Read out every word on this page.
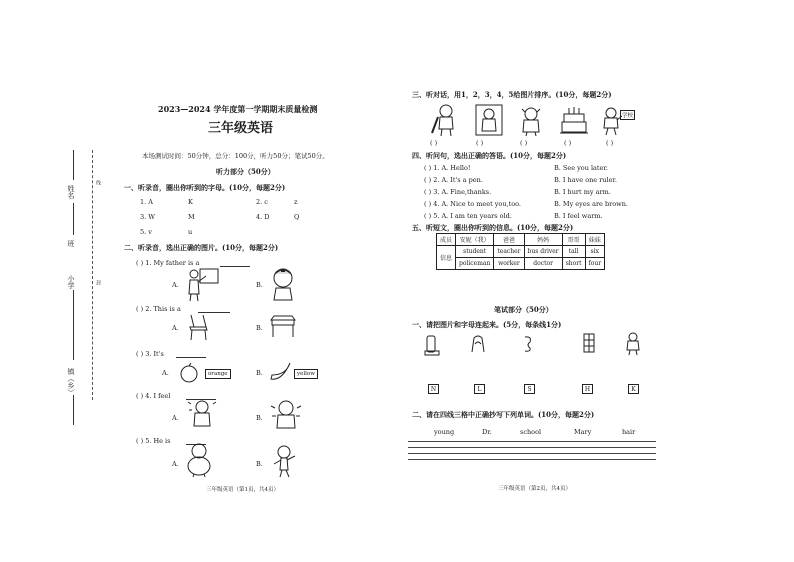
2023—2024 学年度第一学期期末质量检测
三年级英语
本场测试时间：50分钟，总分：100分，听力50分；笔试50分。
听力部分（50分）
姓名
班
小学
镇（乡）
线
封
一、听录音，圈出你听到的字母。(10分，每题2分)
1. A	K	2. c	z
3. W	M	4. D	Q
5. v	u
二、听录音，选出正确的图片。(10分，每题2分)
( ) 1. My father is a
A.	B.
( ) 2. This is a
A.	B.
( ) 3. It's
A.	orange	B.	yellow
( ) 4. I feel
A.	B.
( ) 5. He is
A.	B.
三年级英语（第1页，共4页）
三、听对话，用1，2，3，4，5给图片排序。(10分，每题2分)
学校
( )	( )	( )	( )	( )
四、听问句，选出正确的答语。(10分，每题2分)
( ) 1. A. Hello!	B. See you later.
( ) 2. A. It's a pen.	B. I have one ruler.
( ) 3. A. Fine,thanks.	B. I hurt my arm.
( ) 4. A. Nice to meet you,too.	B. My eyes are brown.
( ) 5. A. I am ten years old.	B. I feel warm.
五、听短文，圈出你听到的信息。(10分，每题2分)
成员	安妮（我）	爸爸	妈妈	哥哥	妹妹
信息	student	teacher	bus driver	tall	six
	policeman	worker	doctor	short	four
笔试部分（50分）
一、请把图片和字母连起来。(5分，每条线1分)
N	L	S	H	K
二、请在四线三格中正确抄写下列单词。(10分，每题2分)
young	Dr.	school	Mary	hair
三年级英语（第2页，共4页）
